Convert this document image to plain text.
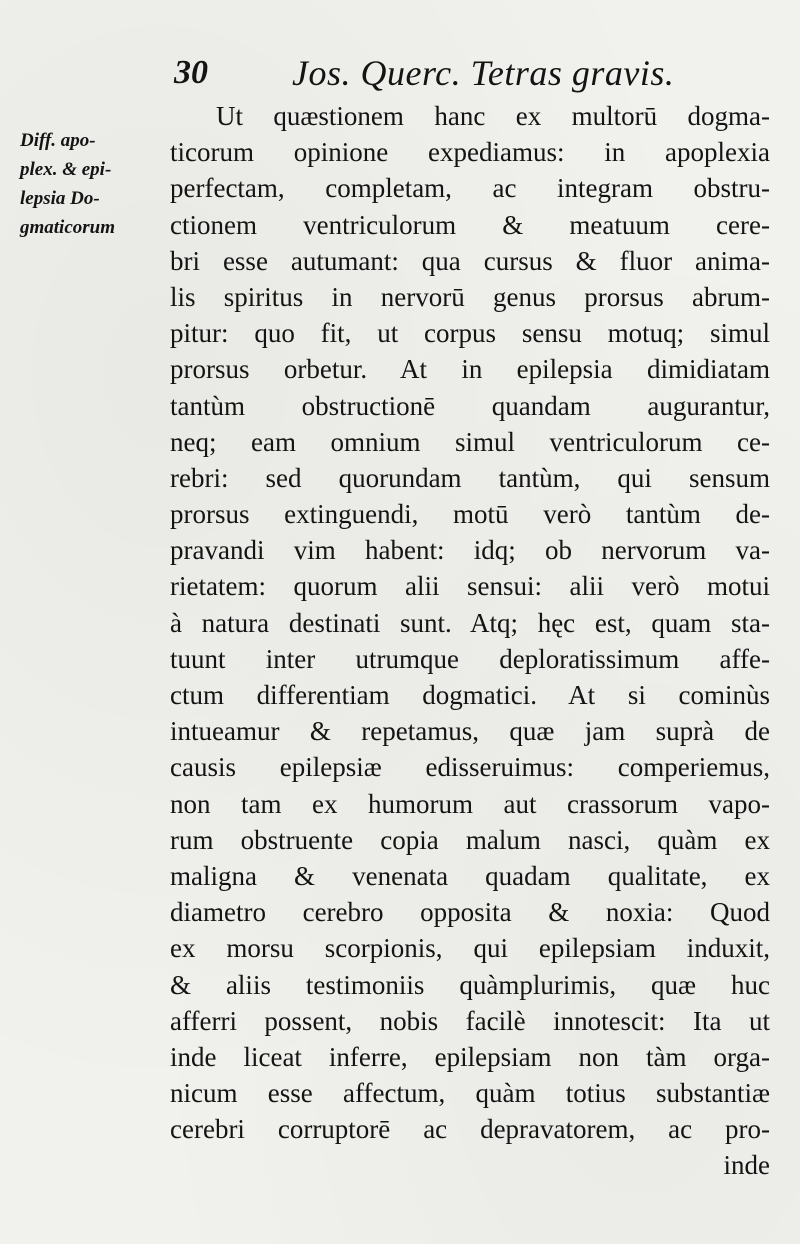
30 Jos. Querc. Tetras gravis.
Diff. apo-
plex. & epi-
lepsia Do-
gmaticorum
Ut quæstionem hanc ex multorū dogma-
ticorum opinione expediamus: in apoplexia
perfectam, completam, ac integram obstru-
ctionem ventriculorum & meatuum cere-
bri esse autumant: qua cursus & fluor anima-
lis spiritus in nervorū genus prorsus abrum-
pitur: quo fit, ut corpus sensu motuq; simul
prorsus orbetur. At in epilepsia dimidiatam
tantùm obstructionē quandam augurantur,
neq; eam omnium simul ventriculorum ce-
rebri: sed quorundam tantùm, qui sensum
prorsus extinguendi, motū verò tantùm de-
pravandi vim habent: idq; ob nervorum va-
rietatem: quorum alii sensui: alii verò motui
à natura destinati sunt. Atq; hęc est, quam sta-
tuunt inter utrumque deploratissimum affe-
ctum differentiam dogmatici. At si cominùs
intueamur & repetamus, quæ jam suprà de
causis epilepsiæ edisseruimus: comperiemus,
non tam ex humorum aut crassorum vapo-
rum obstruente copia malum nasci, quàm ex
maligna & venenata quadam qualitate, ex
diametro cerebro opposita & noxia: Quod
ex morsu scorpionis, qui epilepsiam induxit,
& aliis testimoniis quàmplurimis, quæ huc
afferri possent, nobis facilè innotescit: Ita ut
inde liceat inferre, epilepsiam non tàm orga-
nicum esse affectum, quàm totius substantiæ
cerebri corruptorē ac depravatorem, ac pro-
inde
